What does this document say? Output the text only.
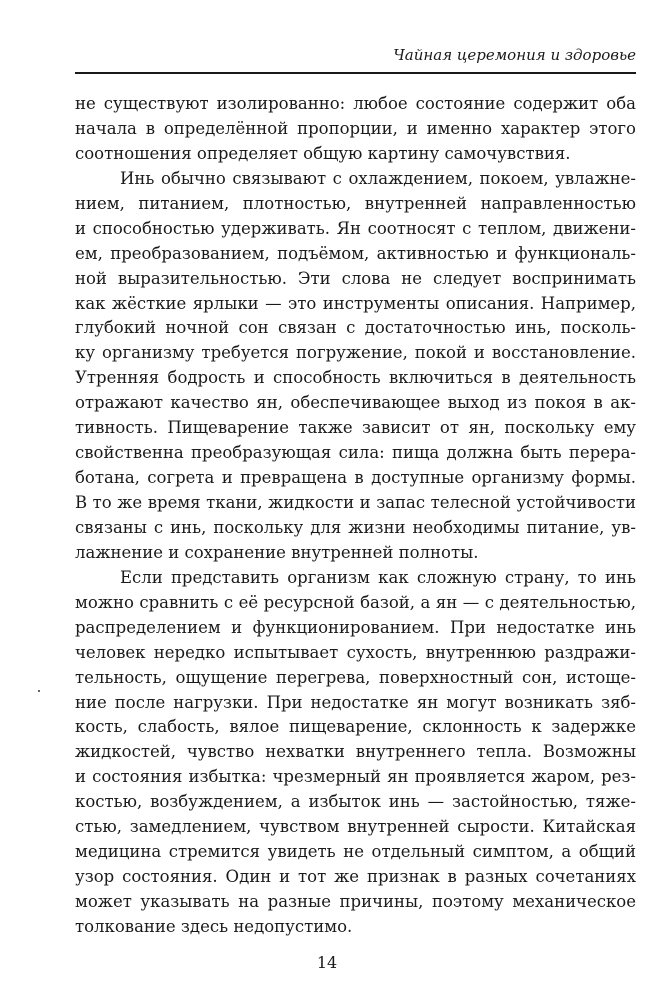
Чайная церемония и здоровье
не существуют изолированно: любое состояние содержит оба
начала в определённой пропорции, и именно характер этого
соотношения определяет общую картину самочувствия.
Инь обычно связывают с охлаждением, покоем, увлажне-
нием, питанием, плотностью, внутренней направленностью
и способностью удерживать. Ян соотносят с теплом, движени-
ем, преобразованием, подъёмом, активностью и функциональ-
ной выразительностью. Эти слова не следует воспринимать
как жёсткие ярлыки — это инструменты описания. Например,
глубокий ночной сон связан с достаточностью инь, посколь-
ку организму требуется погружение, покой и восстановление.
Утренняя бодрость и способность включиться в деятельность
отражают качество ян, обеспечивающее выход из покоя в ак-
тивность. Пищеварение также зависит от ян, поскольку ему
свойственна преобразующая сила: пища должна быть перера-
ботана, согрета и превращена в доступные организму формы.
В то же время ткани, жидкости и запас телесной устойчивости
связаны с инь, поскольку для жизни необходимы питание, ув-
лажнение и сохранение внутренней полноты.
Если представить организм как сложную страну, то инь
можно сравнить с её ресурсной базой, а ян — с деятельностью,
распределением и функционированием. При недостатке инь
человек нередко испытывает сухость, внутреннюю раздражи-
тельность, ощущение перегрева, поверхностный сон, истоще-
ние после нагрузки. При недостатке ян могут возникать зяб-
кость, слабость, вялое пищеварение, склонность к задержке
жидкостей, чувство нехватки внутреннего тепла. Возможны
и состояния избытка: чрезмерный ян проявляется жаром, рез-
костью, возбуждением, а избыток инь — застойностью, тяже-
стью, замедлением, чувством внутренней сырости. Китайская
медицина стремится увидеть не отдельный симптом, а общий
узор состояния. Один и тот же признак в разных сочетаниях
может указывать на разные причины, поэтому механическое
толкование здесь недопустимо.
14
